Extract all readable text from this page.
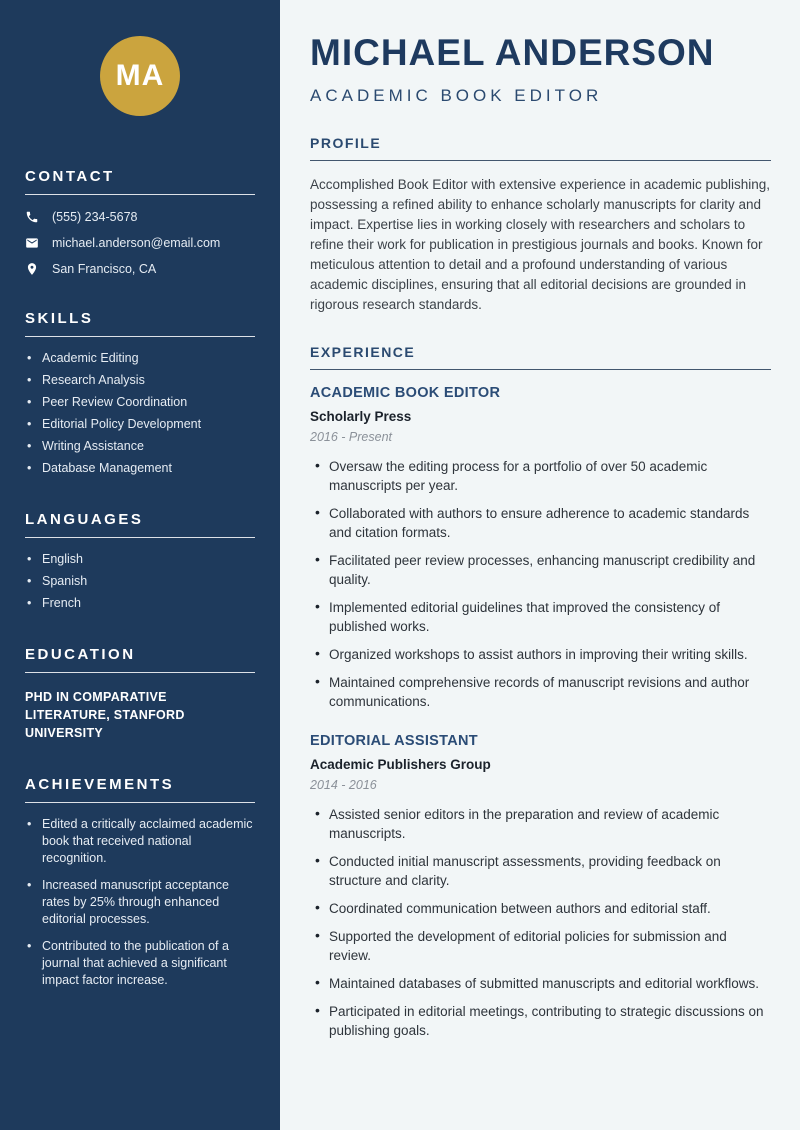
MA
CONTACT
(555) 234-5678
michael.anderson@email.com
San Francisco, CA
SKILLS
• Academic Editing
• Research Analysis
• Peer Review Coordination
• Editorial Policy Development
• Writing Assistance
• Database Management
LANGUAGES
• English
• Spanish
• French
EDUCATION
PHD IN COMPARATIVE LITERATURE, STANFORD UNIVERSITY
ACHIEVEMENTS
• Edited a critically acclaimed academic book that received national recognition.
• Increased manuscript acceptance rates by 25% through enhanced editorial processes.
• Contributed to the publication of a journal that achieved a significant impact factor increase.
MICHAEL ANDERSON
ACADEMIC BOOK EDITOR
PROFILE

Accomplished Book Editor with extensive experience in academic publishing, possessing a refined ability to enhance scholarly manuscripts for clarity and impact. Expertise lies in working closely with researchers and scholars to refine their work for publication in prestigious journals and books. Known for meticulous attention to detail and a profound understanding of various academic disciplines, ensuring that all editorial decisions are grounded in rigorous research standards.

EXPERIENCE
ACADEMIC BOOK EDITOR
Scholarly Press
2016 - Present
• Oversaw the editing process for a portfolio of over 50 academic manuscripts per year.
• Collaborated with authors to ensure adherence to academic standards and citation formats.
• Facilitated peer review processes, enhancing manuscript credibility and quality.
• Implemented editorial guidelines that improved the consistency of published works.
• Organized workshops to assist authors in improving their writing skills.
• Maintained comprehensive records of manuscript revisions and author communications.
EDITORIAL ASSISTANT
Academic Publishers Group
2014 - 2016
• Assisted senior editors in the preparation and review of academic manuscripts.
• Conducted initial manuscript assessments, providing feedback on structure and clarity.
• Coordinated communication between authors and editorial staff.
• Supported the development of editorial policies for submission and review.
• Maintained databases of submitted manuscripts and editorial workflows.
• Participated in editorial meetings, contributing to strategic discussions on publishing goals.
